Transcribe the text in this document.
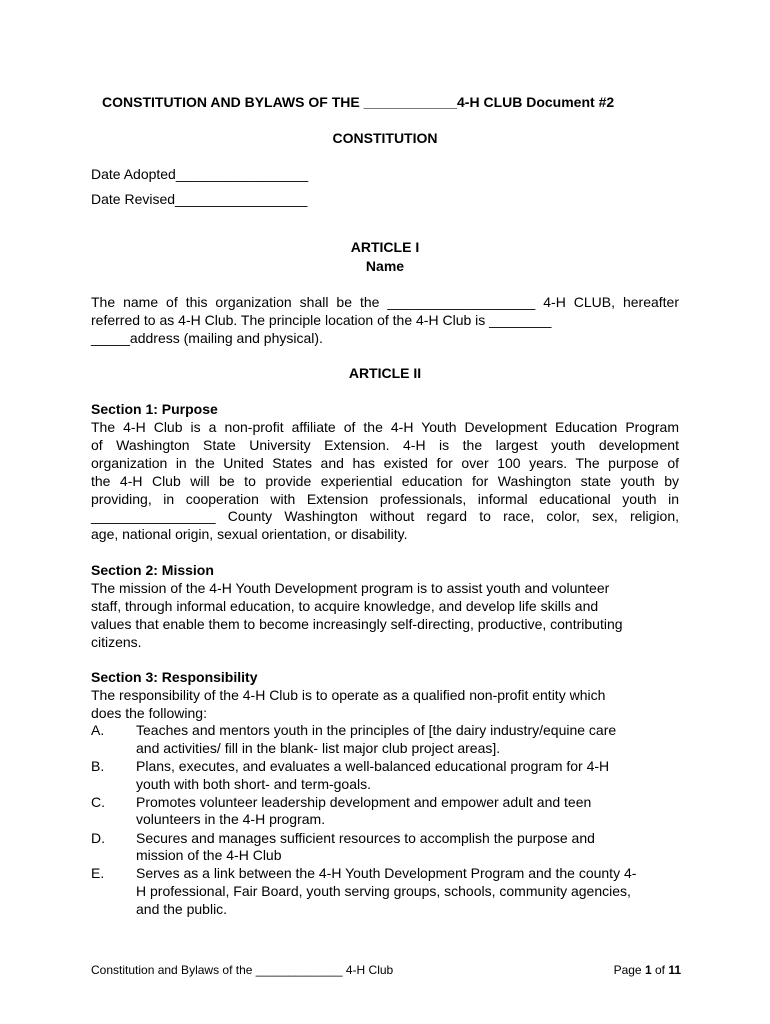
CONSTITUTION AND BYLAWS OF THE ____________4-H CLUB Document #2
CONSTITUTION
Date Adopted_________________
Date Revised_________________
ARTICLE I
Name
The name of this organization shall be the ___________________ 4-H CLUB, hereafter
referred to as 4-H Club. The principle location of the 4-H Club is ________
_____address (mailing and physical).
ARTICLE II
Section 1: Purpose
The 4-H Club is a non-profit affiliate of the 4-H Youth Development Education Program
of Washington State University Extension. 4-H is the largest youth development
organization in the United States and has existed for over 100 years. The purpose of
the 4-H Club will be to provide experiential education for Washington state youth by
providing, in cooperation with Extension professionals, informal educational youth in
________________ County Washington without regard to race, color, sex, religion,
age, national origin, sexual orientation, or disability.
Section 2: Mission
The mission of the 4-H Youth Development program is to assist youth and volunteer
staff, through informal education, to acquire knowledge, and develop life skills and
values that enable them to become increasingly self-directing, productive, contributing
citizens.
Section 3: Responsibility
The responsibility of the 4-H Club is to operate as a qualified non-profit entity which
does the following:
A. Teaches and mentors youth in the principles of [the dairy industry/equine care
and activities/ fill in the blank- list major club project areas].
B. Plans, executes, and evaluates a well-balanced educational program for 4-H
youth with both short- and term-goals.
C. Promotes volunteer leadership development and empower adult and teen
volunteers in the 4-H program.
D. Secures and manages sufficient resources to accomplish the purpose and
mission of the 4-H Club
E. Serves as a link between the 4-H Youth Development Program and the county 4-
H professional, Fair Board, youth serving groups, schools, community agencies,
and the public.
Constitution and Bylaws of the _____________ 4-H Club	Page 1 of 11
